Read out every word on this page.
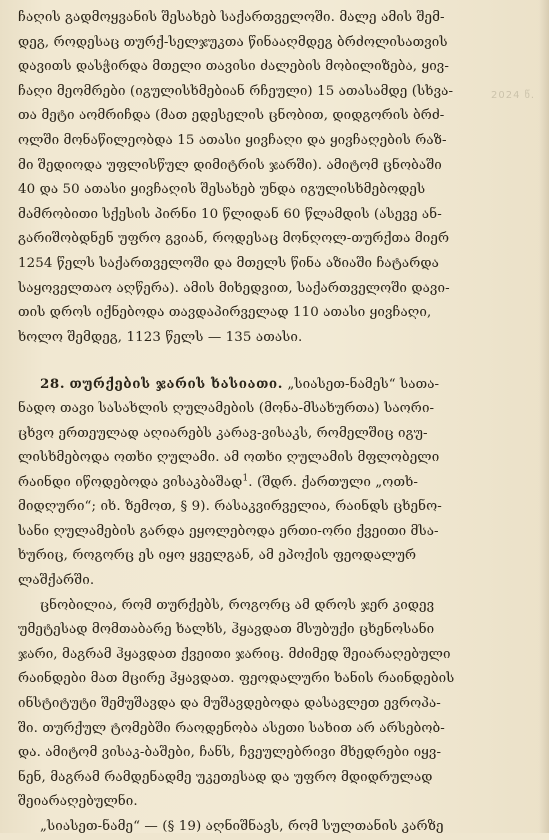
ჩაღის გადმოყვანის შესახებ საქართველოში. მალე ამის შემ-
დეგ, როდესაც თურქ-სელჯუკთა წინააღმდეგ ბრძოლისათვის
დავითს დასჭირდა მთელი თავისი ძალების მობილიზება, ყივ-
ჩაღი მეომრები (იგულისხმებიან რჩეული) 15 ათასამდე (სხვა-
თა მეტი აომრიჩდა (მათ ედესელის ცნობით, დიდგორის ბრძ-
ოლში მონაწილეობდა 15 ათასი ყივჩაღი და ყივჩაღების რაზ-
მი შედიოდა უფლისწულ დიმიტრის ჯარში). ამიტომ ცნობაში
40 და 50 ათასი ყივჩაღის შესახებ უნდა იგულისხმებოდეს
მამრობითი სქესის პირნი 10 წლიდან 60 წლამდის (ასევე ან-
გარიშობდნენ უფრო გვიან, როდესაც მონღოლ-თურქთა მიერ
1254 წელს საქართველოში და მთელს წინა აზიაში ჩატარდა
საყოველთაო აღწერა). ამის მიხედვით, საქართველოში დავი-
თის დროს იქნებოდა თავდაპირველად 110 ათასი ყივჩაღი,
ხოლო შემდეგ, 1123 წელს — 135 ათასი.
28. თურქების ჯარის ხასიათი. „სიასეთ-ნამეს“ სათა-
ნადო თავი სასახლის ღულამების (მონა-მსახურთა) საორი-
ცხვო ერთეულად აღიარებს კარავ-ვისაკს, რომელშიც იგუ-
ლისხმებოდა ოთხი ღულამი. ამ ოთხი ღულამის მფლობელი
რაინდი იწოდებოდა ვისაკბაშად$^1$. (შდრ. ქართული „ოთხ-
მიდღური“; იხ. ზემოთ, § 9). რასაკვირველია, რაინდს ცხენო-
სანი ღულამების გარდა ეყოლებოდა ერთი-ორი ქვეითი მსა-
ხურიც, როგორც ეს იყო ყველგან, ამ ეპოქის ფეოდალურ
ლაშქარში.
ცნობილია, რომ თურქებს, როგორც ამ დროს ჯერ კიდევ
უმეტესად მომთაბარე ხალხს, ჰყავდათ მსუბუქი ცხენოსანი
ჯარი, მაგრამ ჰყავდათ ქვეითი ჯარიც. მძიმედ შეიარაღებული
რაინდები მათ მცირე ჰყავდათ. ფეოდალური ხანის რაინდების
ინსტიტუტი შემუშავდა და მუშავდებოდა დასავლეთ ევროპა-
ში. თურქულ ტომებში რაოდენობა ასეთი სახით არ არსებობ-
და. ამიტომ ვისაკ-ბაშები, ჩანს, ჩვეულებრივი მხედრები იყვ-
ნენ, მაგრამ რამდენადმე უკეთესად და უფრო მდიდრულად
შეიარაღებულნი.
„სიასეთ-ნამე“ — (§ 19) აღნიშნავს, რომ სულთანის კარზე
2024 წ.
